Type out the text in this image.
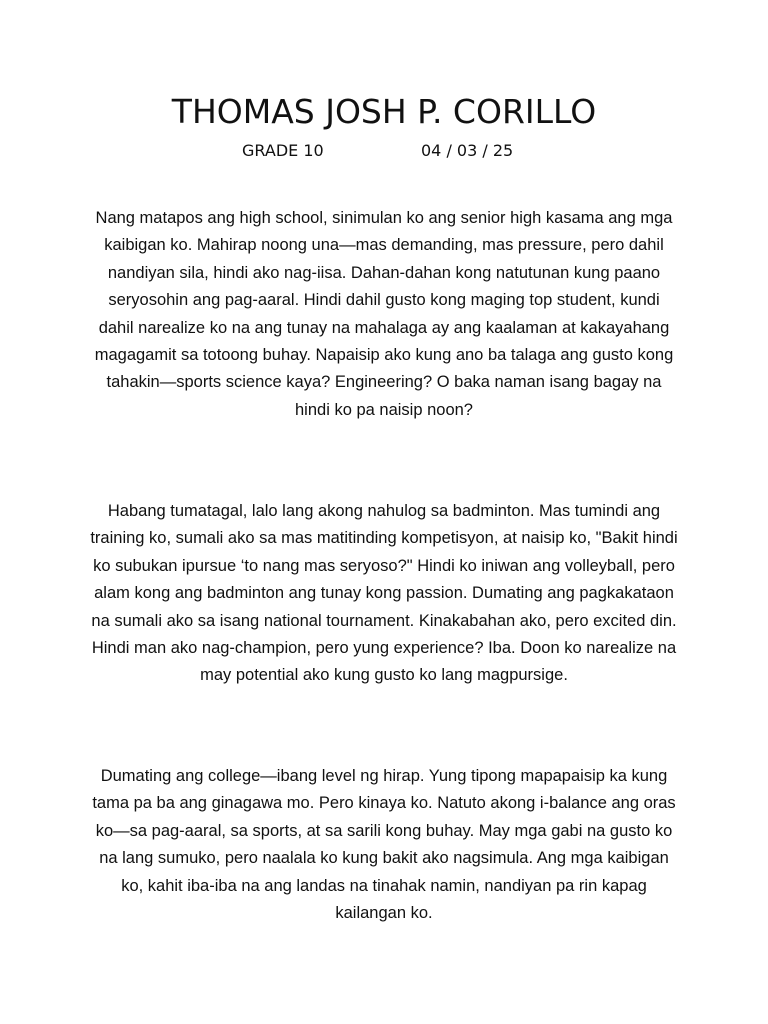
THOMAS JOSH P. CORILLO
GRADE 10	04 / 03 / 25

Nang matapos ang high school, sinimulan ko ang senior high kasama ang mga kaibigan ko. Mahirap noong una—mas demanding, mas pressure, pero dahil nandiyan sila, hindi ako nag-iisa. Dahan-dahan kong natutunan kung paano seryosohin ang pag-aaral. Hindi dahil gusto kong maging top student, kundi dahil narealize ko na ang tunay na mahalaga ay ang kaalaman at kakayahang magagamit sa totoong buhay. Napaisip ako kung ano ba talaga ang gusto kong tahakin—sports science kaya? Engineering? O baka naman isang bagay na hindi ko pa naisip noon?

Habang tumatagal, lalo lang akong nahulog sa badminton. Mas tumindi ang training ko, sumali ako sa mas matitinding kompetisyon, at naisip ko, "Bakit hindi ko subukan ipursue ‘to nang mas seryoso?" Hindi ko iniwan ang volleyball, pero alam kong ang badminton ang tunay kong passion. Dumating ang pagkakataon na sumali ako sa isang national tournament. Kinakabahan ako, pero excited din. Hindi man ako nag-champion, pero yung experience? Iba. Doon ko narealize na may potential ako kung gusto ko lang magpursige.

Dumating ang college—ibang level ng hirap. Yung tipong mapapaisip ka kung tama pa ba ang ginagawa mo. Pero kinaya ko. Natuto akong i-balance ang oras ko—sa pag-aaral, sa sports, at sa sarili kong buhay. May mga gabi na gusto ko na lang sumuko, pero naalala ko kung bakit ako nagsimula. Ang mga kaibigan ko, kahit iba-iba na ang landas na tinahak namin, nandiyan pa rin kapag kailangan ko.
